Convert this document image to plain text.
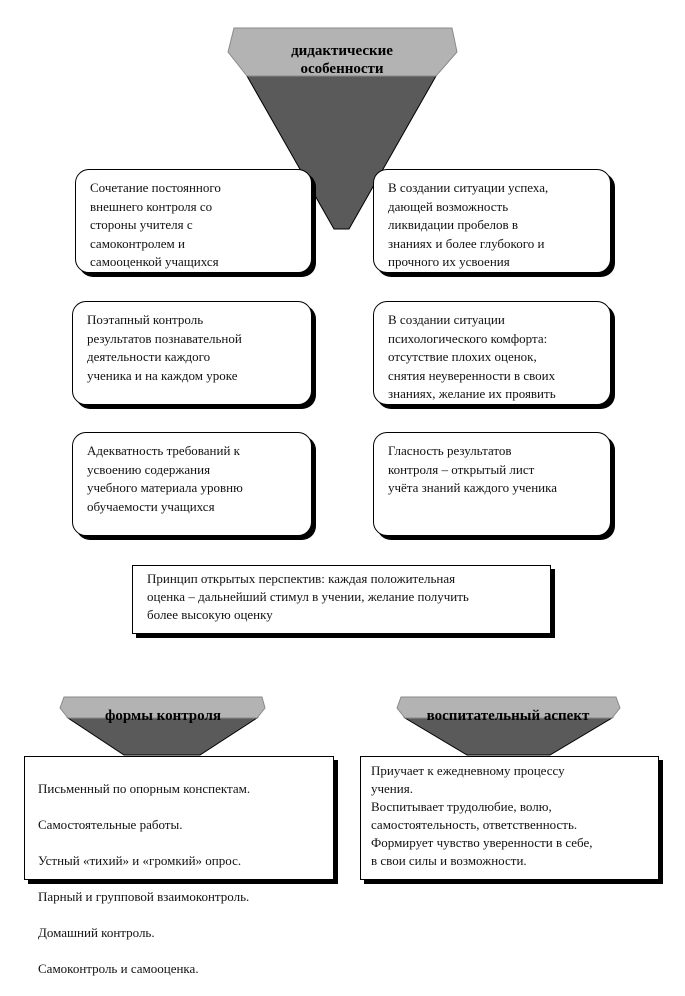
дидактические
особенности
формы контроля	воспитательный аспект
Сочетание постоянного
внешнего контроля со
стороны учителя с
самоконтролем и
самооценкой учащихся
Поэтапный контроль
результатов познавательной
деятельности каждого
ученика и на каждом уроке
Адекватность требований к
усвоению содержания
учебного материала уровню
обучаемости учащихся
В создании ситуации успеха,
дающей возможность
ликвидации пробелов в
знаниях и более глубокого и
прочного их усвоения
В создании ситуации
психологического комфорта:
отсутствие плохих оценок,
снятия неуверенности в своих
знаниях, желание их проявить
Гласность результатов
контроля – открытый лист
учёта знаний каждого ученика
Принцип открытых перспектив: каждая положительная
оценка – дальнейший стимул в учении, желание получить
более высокую оценку

Письменный по опорным конспектам.

Самостоятельные работы.

Устный «тихий» и «громкий» опрос.

Парный и групповой взаимоконтроль.

Домашний контроль.

Самоконтроль и самооценка.

Приучает к ежедневному процессу
учения.
Воспитывает трудолюбие, волю,
самостоятельность, ответственность.
Формирует чувство уверенности в себе,
в свои силы и возможности.
